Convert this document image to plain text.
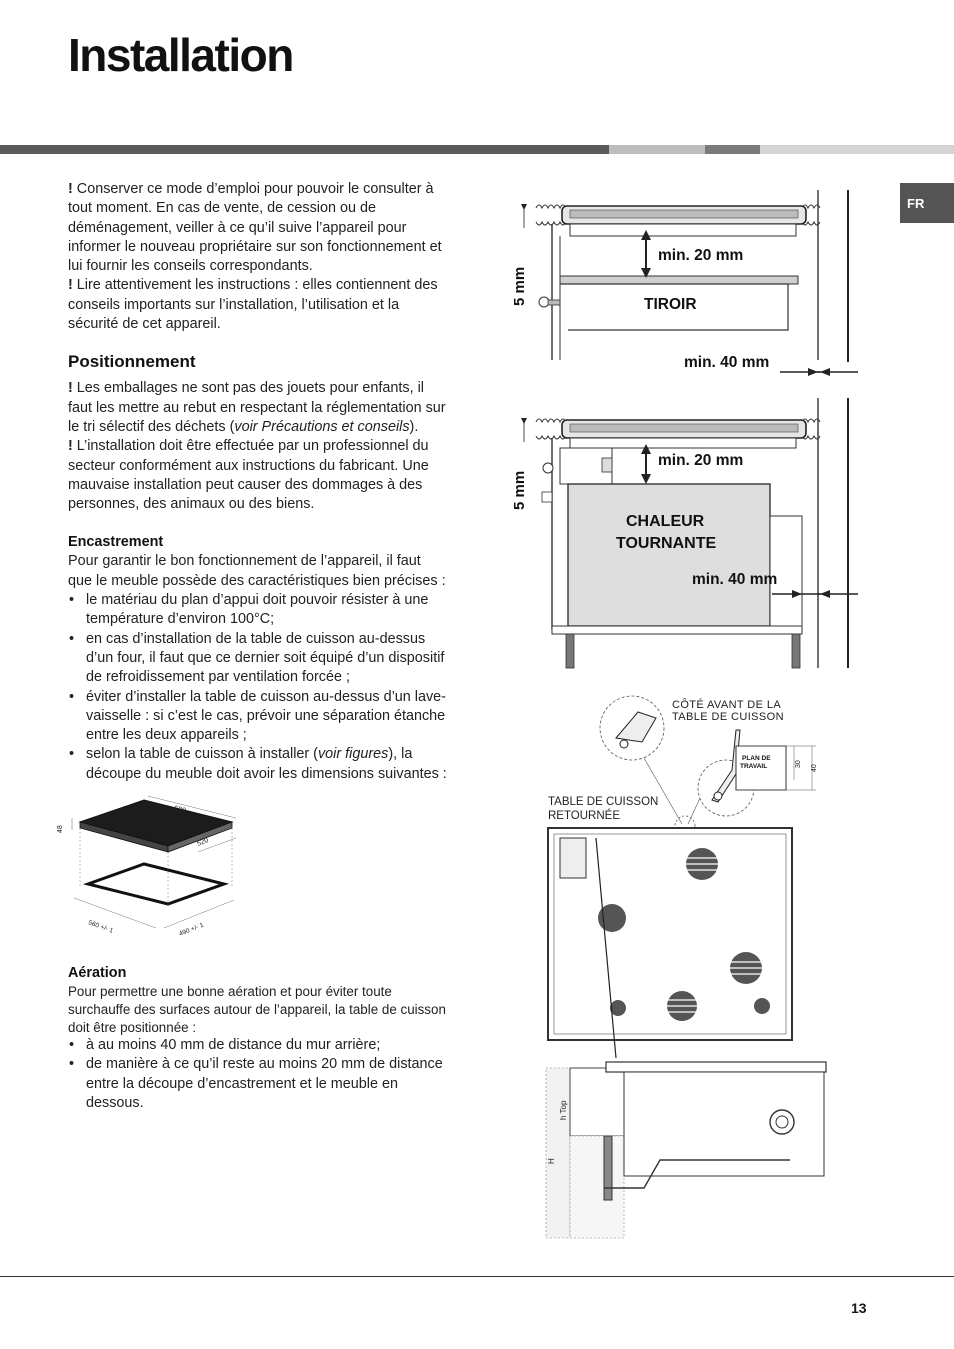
Installation
FR

! Conserver ce mode d’emploi pour pouvoir le consulter à tout moment. En cas de vente, de cession ou de déménagement, veiller à ce qu’il suive l’appareil pour informer le nouveau propriétaire sur son fonctionnement et lui fournir les conseils correspondants.

! Lire attentivement les instructions : elles contiennent des conseils importants sur l’installation, l’utilisation et la sécurité de cet appareil.

Positionnement

! Les emballages ne sont pas des jouets pour enfants, il faut les mettre au rebut en respectant la réglementation sur le tri sélectif des déchets (voir Précautions et conseils).

! L’installation doit être effectuée par un professionnel du secteur conformément aux instructions du fabricant. Une mauvaise installation peut causer des dommages à des personnes, des animaux ou des biens.

Encastrement

Pour garantir le bon fonctionnement de l’appareil, il faut que le meuble possède des caractéristiques bien précises :

• le matériau du plan d’appui doit pouvoir résister à une température d’environ 100°C;
• en cas d’installation de la table de cuisson au-dessus d’un four, il faut que ce dernier soit équipé d’un dispositif de refroidissement par ventilation forcée ;
• éviter d’installer la table de cuisson au-dessus d’un lave-vaisselle : si c’est le cas, prévoir une séparation étanche entre les deux appareils ;
• selon la table de cuisson à installer (voir figures), la découpe du meuble doit avoir les dimensions suivantes :
590
520
48
560 +/- 1	490 +/- 1
Aération

Pour permettre une bonne aération et pour éviter toute surchauffe des surfaces autour de l’appareil, la table de cuisson doit être positionnée :

• à au moins 40 mm de distance du mur arrière;
• de manière à ce qu’il reste au moins 20 mm de distance entre la découpe d’encastrement et le meuble en dessous.
5 mm
min. 20 mm
TIROIR
min. 40 mm
5 mm
min. 20 mm
CHALEUR
TOURNANTE
min. 40 mm
CÔTÉ AVANT DE LA
TABLE DE CUISSON
PLAN DE
TRAVAIL	30
40
TABLE DE CUISSON
RETOURNÉE
h Top
H
13
